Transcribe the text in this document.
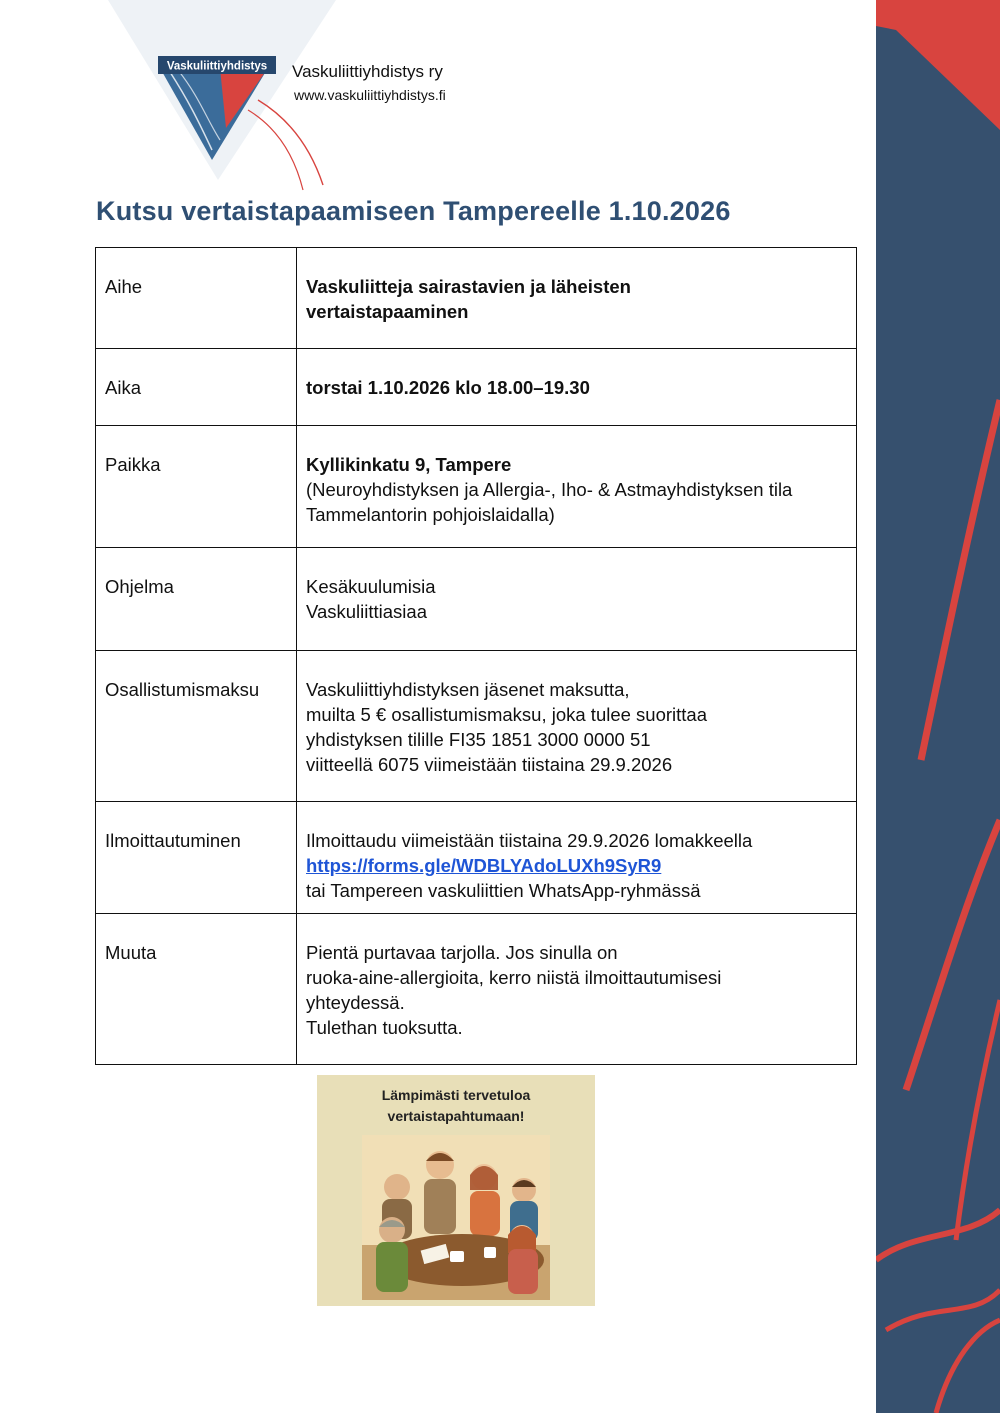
Vaskuliittiyhdistys Vaskuliittiyhdistys ry
www.vaskuliittiyhdistys.fi
Kutsu vertaistapaamiseen Tampereelle 1.10.2026
Aihe	Vaskuliitteja sairastavien ja läheisten
vertaistapaaminen

Aika	torstai 1.10.2026 klo 18.00–19.30

Paikka	Kyllikinkatu 9, Tampere
(Neuroyhdistyksen ja Allergia-, Iho- & Astmayhdistyksen tila
Tammelantorin pohjoislaidalla)

Ohjelma	Kesäkuulumisia
Vaskuliittiasiaa

Osallistumismaksu	Vaskuliittiyhdistyksen jäsenet maksutta,
muilta 5 € osallistumismaksu, joka tulee suorittaa
yhdistyksen tilille FI35 1851 3000 0000 51
viitteellä 6075 viimeistään tiistaina 29.9.2026

Ilmoittautuminen	Ilmoittaudu viimeistään tiistaina 29.9.2026 lomakkeella
https://forms.gle/WDBLYAdoLUXh9SyR9
tai Tampereen vaskuliittien WhatsApp-ryhmässä

Muuta	Pientä purtavaa tarjolla. Jos sinulla on
ruoka-aine-allergioita, kerro niistä ilmoittautumisesi
yhteydessä.
Tulethan tuoksutta.
Lämpimästi tervetuloa
vertaistapahtumaan!
